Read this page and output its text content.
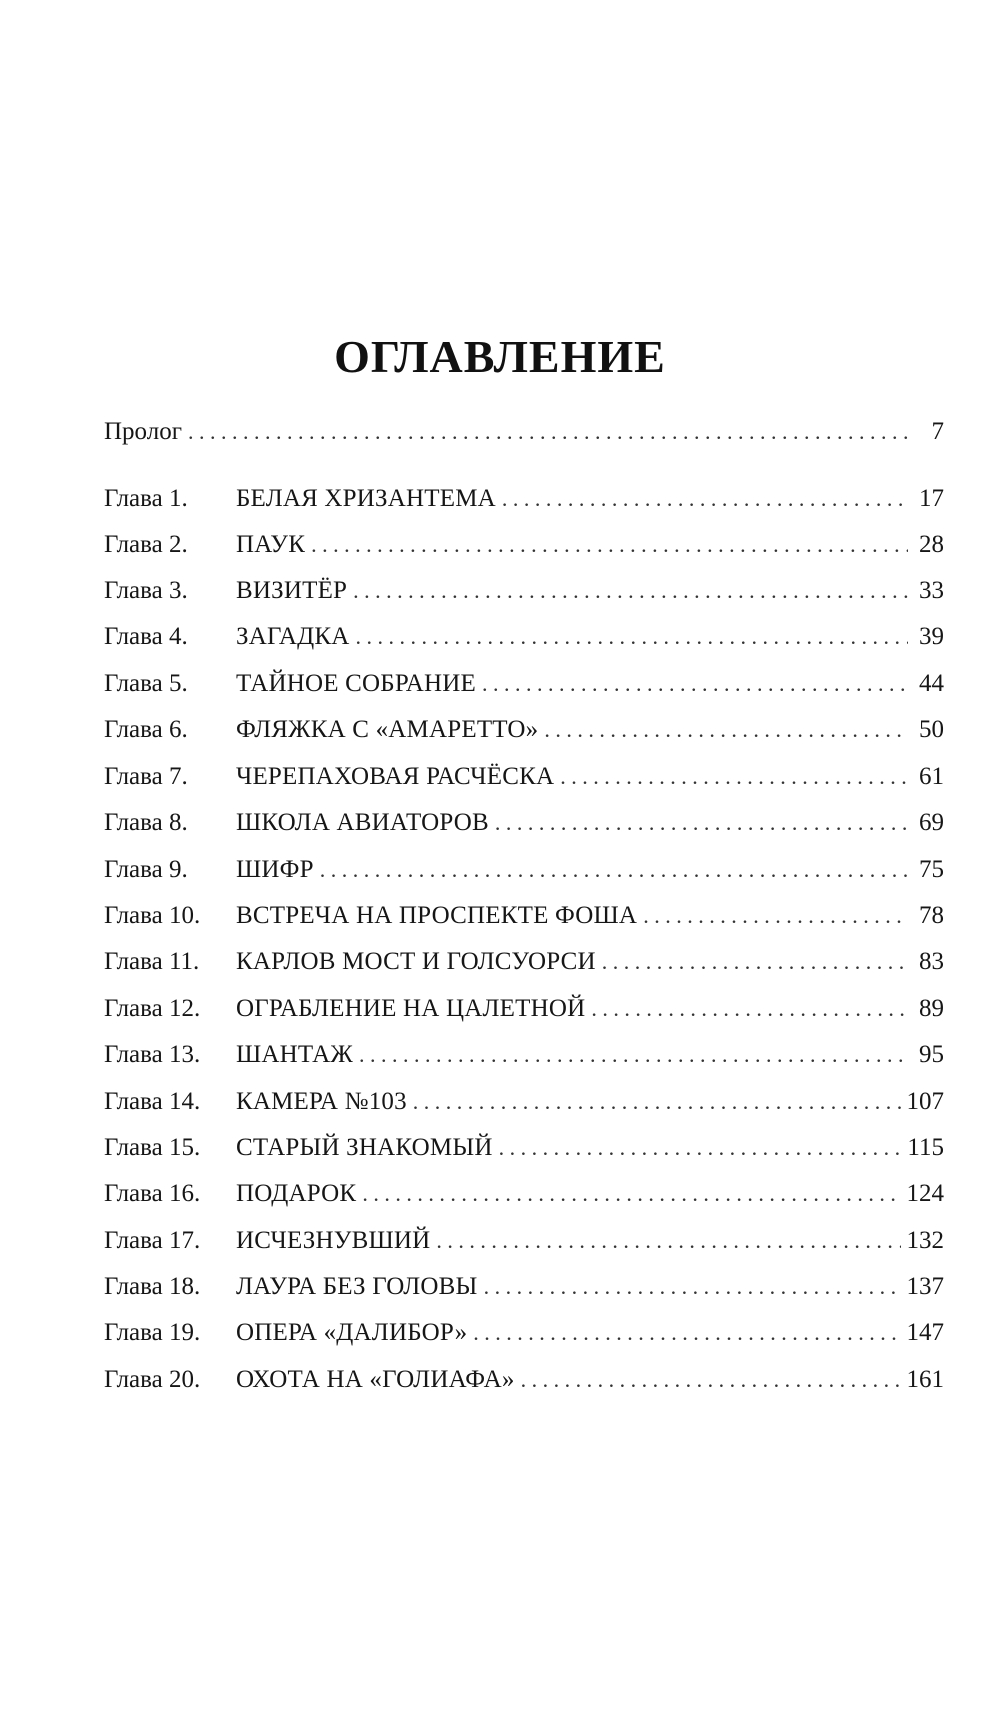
ОГЛАВЛЕНИЕ
Пролог . . .	7
Глава 1.	БЕЛАЯ ХРИЗАНТЕМА . . .	17
Глава 2.	ПАУК . . .	28
Глава 3.	ВИЗИТЁР . . .	33
Глава 4.	ЗАГАДКА . . .	39
Глава 5.	ТАЙНОЕ СОБРАНИЕ . . .	44
Глава 6.	ФЛЯЖКА С «АМАРЕТТО» . . .	50
Глава 7.	ЧЕРЕПАХОВАЯ РАСЧЁСКА . . .	61
Глава 8.	ШКОЛА АВИАТОРОВ . . .	69
Глава 9.	ШИФР . . .	75
Глава 10.	ВСТРЕЧА НА ПРОСПЕКТЕ ФОША . . .	78
Глава 11.	КАРЛОВ МОСТ И ГОЛСУОРСИ . . .	83
Глава 12.	ОГРАБЛЕНИЕ НА ЦАЛЕТНОЙ . . .	89
Глава 13.	ШАНТАЖ . . .	95
Глава 14.	КАМЕРА №103 . . .	107
Глава 15.	СТАРЫЙ ЗНАКОМЫЙ . . .	115
Глава 16.	ПОДАРОК . . .	124
Глава 17.	ИСЧЕЗНУВШИЙ . . .	132
Глава 18.	ЛАУРА БЕЗ ГОЛОВЫ . . .	137
Глава 19.	ОПЕРА «ДАЛИБОР» . . .	147
Глава 20.	ОХОТА НА «ГОЛИАФА» . . .	161
